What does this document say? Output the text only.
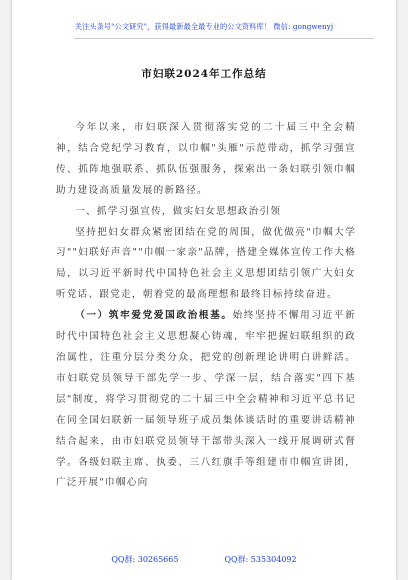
关注头条号"公文研究"，获得最新最全最专业的公文资料库！ 微信: gongwenyj
市妇联2024年工作总结

今年以来，市妇联深入贯彻落实党的二十届三中全会精神，结合党纪学习教育，以巾帼"头雁"示范带动，抓学习强宣传、抓阵地强联系、抓队伍强服务，探索出一条妇联引领巾帼助力建设高质量发展的新路径。

一、抓学习强宣传，做实妇女思想政治引领

坚持把妇女群众紧密团结在党的周围，做优做亮"巾帼大学习""妇联好声音""巾帼一家亲"品牌，搭建全媒体宣传工作大格局，以习近平新时代中国特色社会主义思想团结引领广大妇女听党话、跟党走，朝着党的最高理想和最终目标持续奋进。

（一）筑牢爱党爱国政治根基。始终坚持不懈用习近平新时代中国特色社会主义思想凝心铸魂，牢牢把握妇联组织的政治属性，注重分层分类分众，把党的创新理论讲明白讲鲜活。市妇联党员领导干部先学一步、学深一层，结合落实"四下基层"制度，将学习贯彻党的二十届三中全会精神和习近平总书记在同全国妇联新一届领导班子成员集体谈话时的重要讲话精神结合起来，由市妇联党员领导干部带头深入一线开展调研式督学。各级妇联主席、执委、三八红旗手等组建市巾帼宣讲团，广泛开展"巾帼心向

QQ群: 30265665	QQ群: 535304092
